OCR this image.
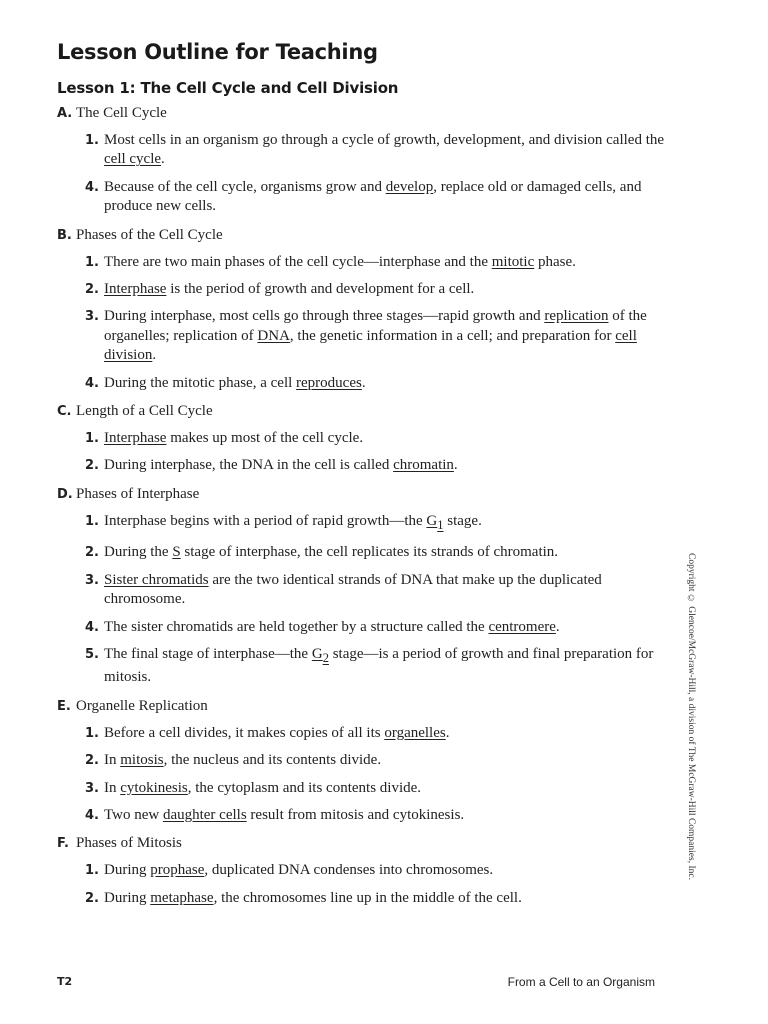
Lesson Outline for Teaching
Lesson 1: The Cell Cycle and Cell Division
A. The Cell Cycle
1. Most cells in an organism go through a cycle of growth, development, and division called the cell cycle.
4. Because of the cell cycle, organisms grow and develop, replace old or damaged cells, and produce new cells.
B. Phases of the Cell Cycle
1. There are two main phases of the cell cycle—interphase and the mitotic phase.
2. Interphase is the period of growth and development for a cell.
3. During interphase, most cells go through three stages—rapid growth and replication of the organelles; replication of DNA, the genetic information in a cell; and preparation for cell division.
4. During the mitotic phase, a cell reproduces.
C. Length of a Cell Cycle
1. Interphase makes up most of the cell cycle.
2. During interphase, the DNA in the cell is called chromatin.
D. Phases of Interphase
1. Interphase begins with a period of rapid growth—the $G_1$ stage.
2. During the S stage of interphase, the cell replicates its strands of chromatin.
3. Sister chromatids are the two identical strands of DNA that make up the duplicated chromosome.
4. The sister chromatids are held together by a structure called the centromere.
5. The final stage of interphase—the $G_2$ stage—is a period of growth and final preparation for mitosis.
E. Organelle Replication
1. Before a cell divides, it makes copies of all its organelles.
2. In mitosis, the nucleus and its contents divide.
3. In cytokinesis, the cytoplasm and its contents divide.
4. Two new daughter cells result from mitosis and cytokinesis.
F. Phases of Mitosis
1. During prophase, duplicated DNA condenses into chromosomes.
2. During metaphase, the chromosomes line up in the middle of the cell.
Copyright © Glencoe/McGraw-Hill, a division of The McGraw-Hill Companies, Inc.
T2	From a Cell to an Organism
